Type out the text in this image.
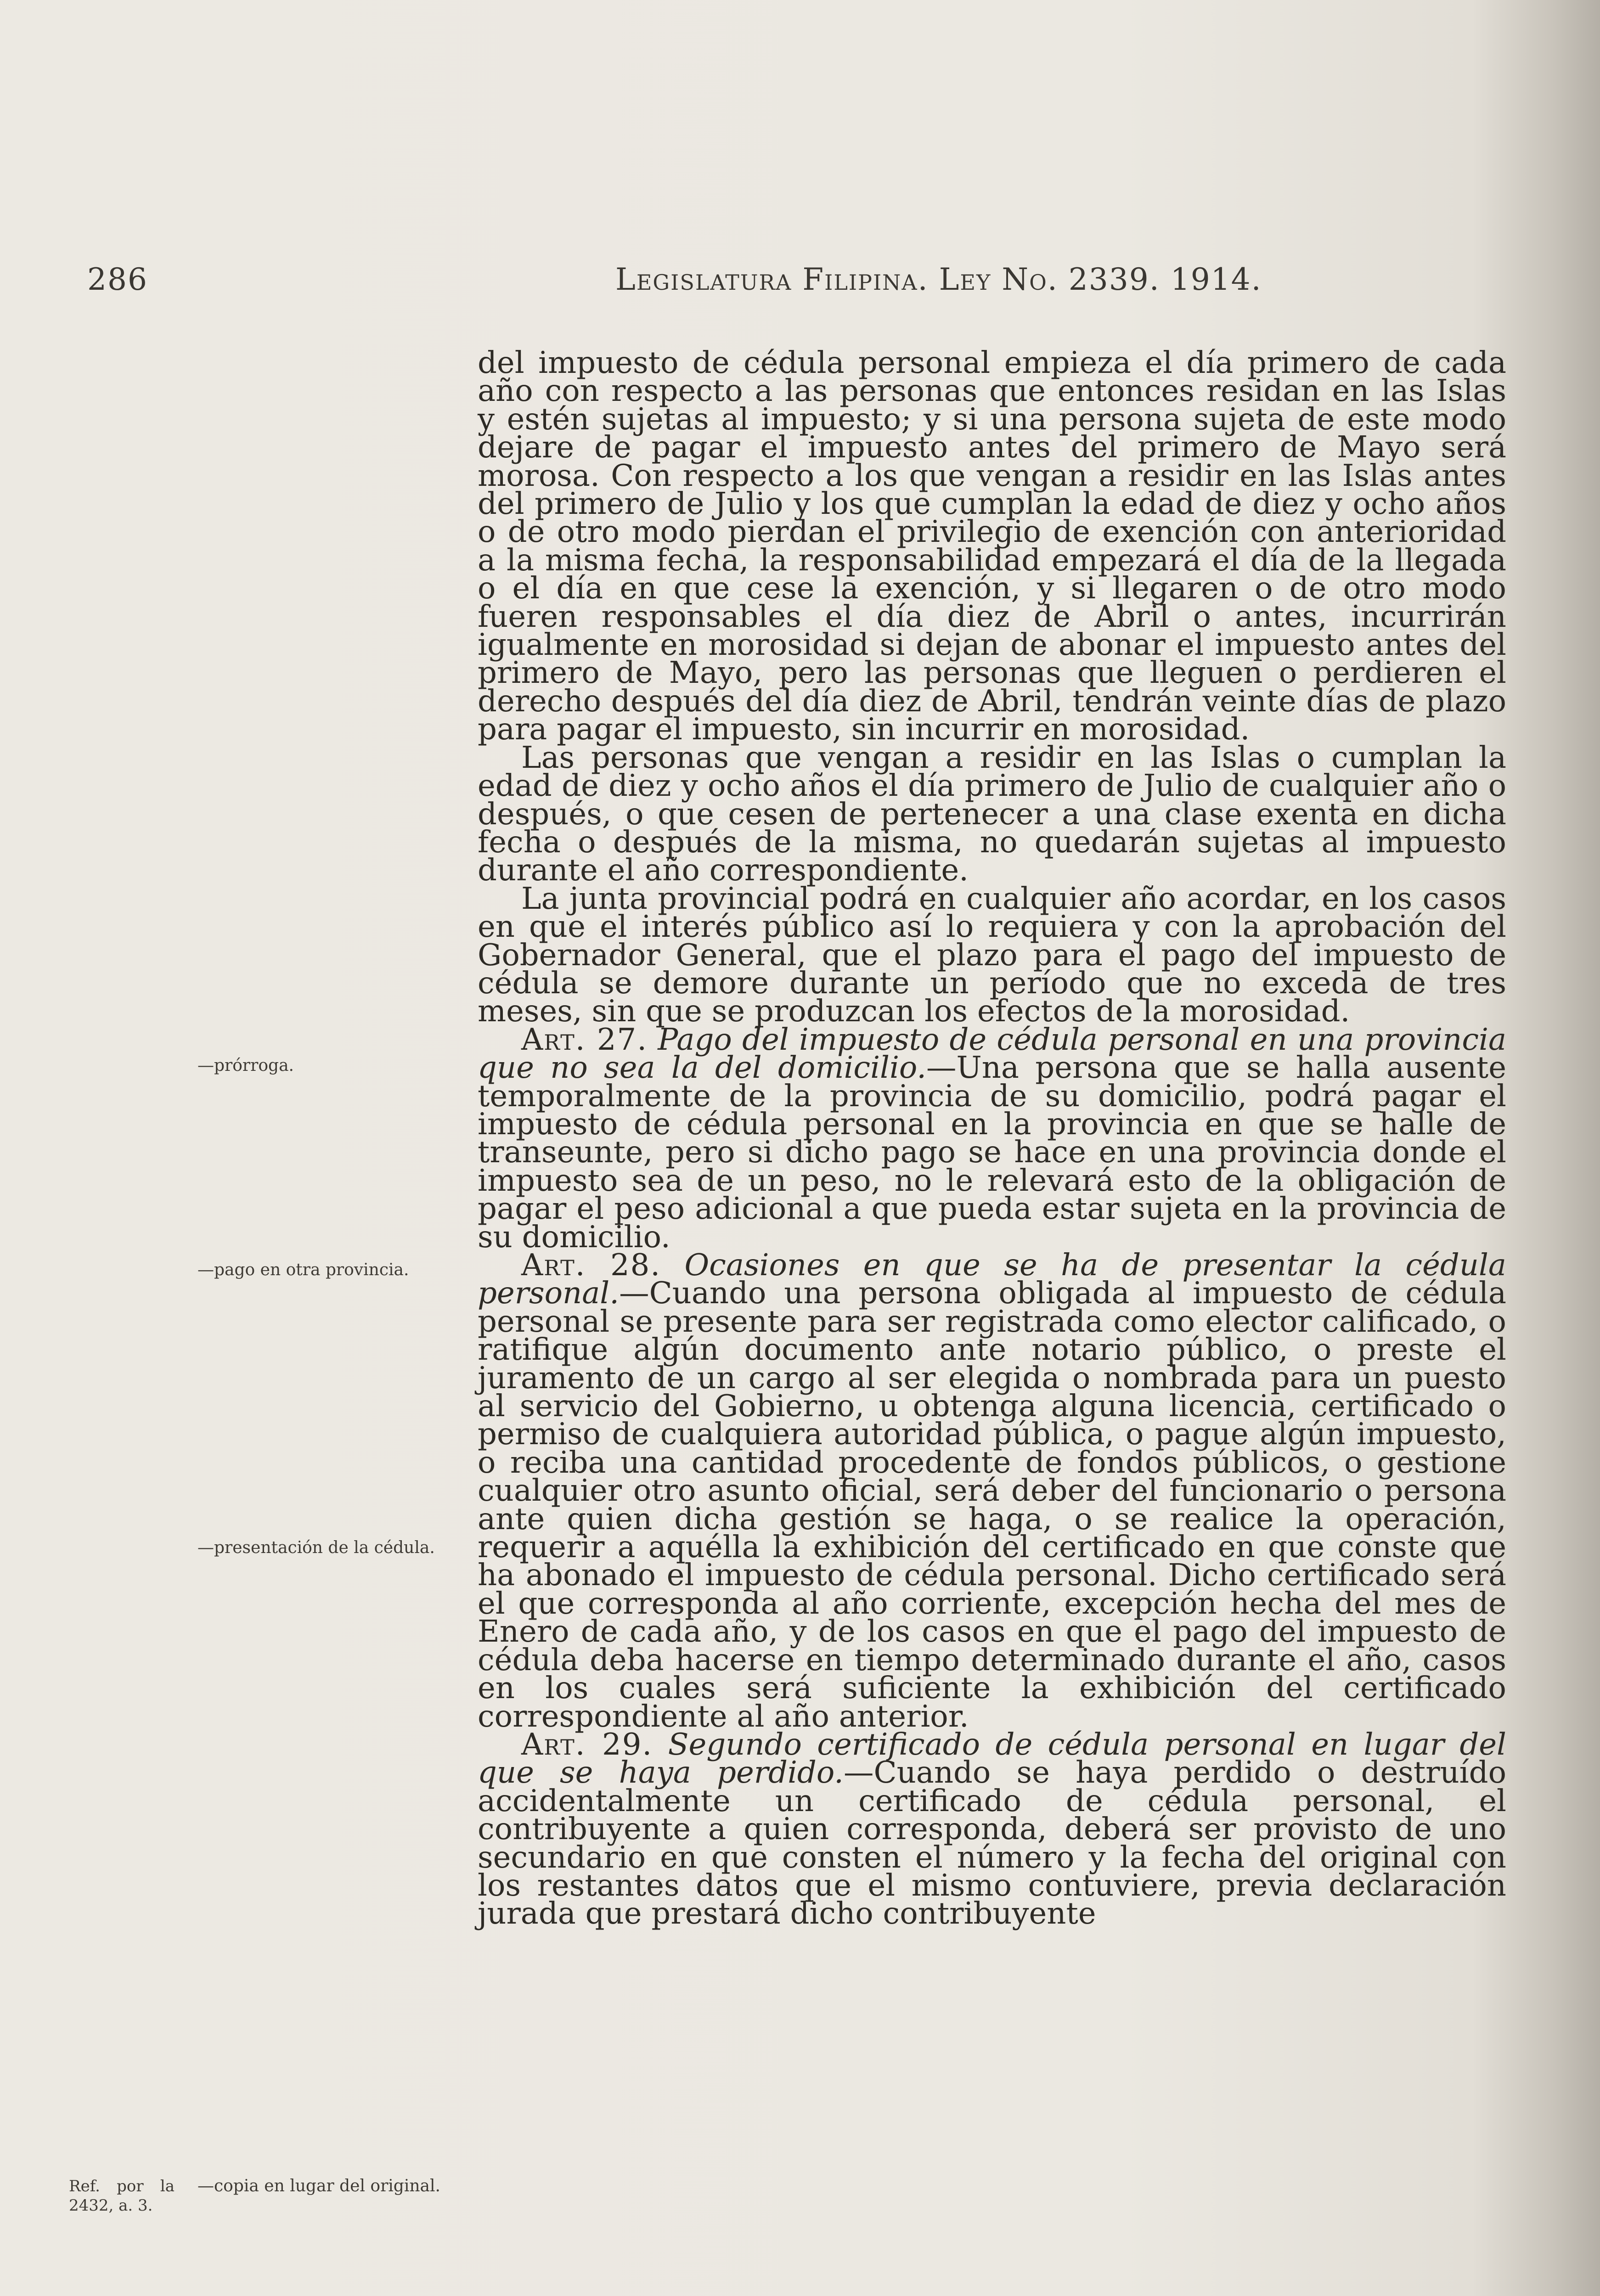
286	Legislatura Filipina. Ley No. 2339. 1914.
—prórroga.
—pago en otra provincia.
—presentación de la cédula.
Ref. por la 2432, a. 3.
—copia en lugar del original.

del impuesto de cédula personal empieza el día primero de cada año con respecto a las personas que entonces residan en las Islas y estén sujetas al impuesto; y si una persona sujeta de este modo dejare de pagar el impuesto antes del primero de Mayo será morosa. Con respecto a los que vengan a residir en las Islas antes del primero de Julio y los que cumplan la edad de diez y ocho años o de otro modo pierdan el privilegio de exención con anterioridad a la misma fecha, la responsabilidad empezará el día de la llegada o el día en que cese la exención, y si llegaren o de otro modo fueren responsables el día diez de Abril o antes, incurrirán igualmente en morosidad si dejan de abonar el impuesto antes del primero de Mayo, pero las personas que lleguen o perdieren el derecho después del día diez de Abril, tendrán veinte días de plazo para pagar el impuesto, sin incurrir en morosidad.

Las personas que vengan a residir en las Islas o cumplan la edad de diez y ocho años el día primero de Julio de cualquier año o después, o que cesen de pertenecer a una clase exenta en dicha fecha o después de la misma, no quedarán sujetas al impuesto durante el año correspondiente.

La junta provincial podrá en cualquier año acordar, en los casos en que el interés público así lo requiera y con la aprobación del Gobernador General, que el plazo para el pago del impuesto de cédula se demore durante un período que no exceda de tres meses, sin que se produzcan los efectos de la morosidad.

Art. 27. Pago del impuesto de cédula personal en una provincia que no sea la del domicilio.—Una persona que se halla ausente temporalmente de la provincia de su domicilio, podrá pagar el impuesto de cédula personal en la provincia en que se halle de transeunte, pero si dicho pago se hace en una provincia donde el impuesto sea de un peso, no le relevará esto de la obligación de pagar el peso adicional a que pueda estar sujeta en la provincia de su domicilio.

Art. 28. Ocasiones en que se ha de presentar la cédula personal.—Cuando una persona obligada al impuesto de cédula personal se presente para ser registrada como elector calificado, o ratifique algún documento ante notario público, o preste el juramento de un cargo al ser elegida o nombrada para un puesto al servicio del Gobierno, u obtenga alguna licencia, certificado o permiso de cualquiera autoridad pública, o pague algún impuesto, o reciba una cantidad procedente de fondos públicos, o gestione cualquier otro asunto oficial, será deber del funcionario o persona ante quien dicha gestión se haga, o se realice la operación, requerir a aquélla la exhibición del certificado en que conste que ha abonado el impuesto de cédula personal. Dicho certificado será el que corresponda al año corriente, excepción hecha del mes de Enero de cada año, y de los casos en que el pago del impuesto de cédula deba hacerse en tiempo determinado durante el año, casos en los cuales será suficiente la exhibición del certificado correspondiente al año anterior.

Art. 29. Segundo certificado de cédula personal en lugar del que se haya perdido.—Cuando se haya perdido o destruído accidentalmente un certificado de cédula personal, el contribuyente a quien corresponda, deberá ser provisto de uno secundario en que consten el número y la fecha del original con los restantes datos que el mismo contuviere, previa declaración jurada que prestará dicho contribuyente
